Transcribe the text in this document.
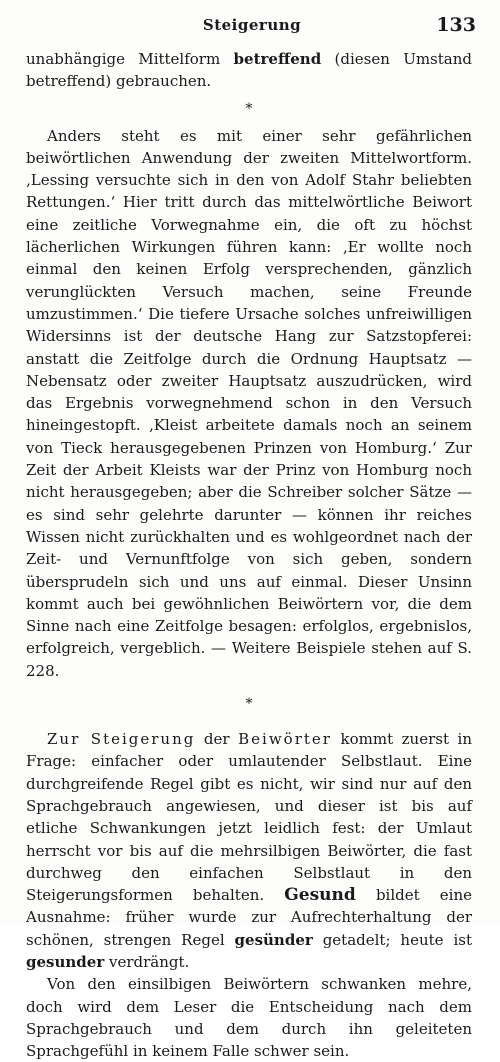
Steigerung	133

unabhängige Mittelform betreffend (diesen Umstand betreffend) gebrauchen.

*

Anders steht es mit einer sehr gefährlichen beiwörtlichen Anwendung der zweiten Mittelwortform. ‚Lessing versuchte sich in den von Adolf Stahr beliebten Rettungen.‘ Hier tritt durch das mittelwörtliche Beiwort eine zeitliche Vorwegnahme ein, die oft zu höchst lächerlichen Wirkungen führen kann: ‚Er wollte noch einmal den keinen Erfolg versprechenden, gänzlich verunglückten Versuch machen, seine Freunde umzustimmen.‘ Die tiefere Ursache solches unfreiwilligen Widersinns ist der deutsche Hang zur Satzstopferei: anstatt die Zeitfolge durch die Ordnung Hauptsatz — Nebensatz oder zweiter Hauptsatz auszudrücken, wird das Ergebnis vorwegnehmend schon in den Versuch hineingestopft. ‚Kleist arbeitete damals noch an seinem von Tieck herausgegebenen Prinzen von Homburg.‘ Zur Zeit der Arbeit Kleists war der Prinz von Homburg noch nicht herausgegeben; aber die Schreiber solcher Sätze — es sind sehr gelehrte darunter — können ihr reiches Wissen nicht zurückhalten und es wohlgeordnet nach der Zeit- und Vernunftfolge von sich geben, sondern übersprudeln sich und uns auf einmal. Dieser Unsinn kommt auch bei gewöhnlichen Beiwörtern vor, die dem Sinne nach eine Zeitfolge besagen: erfolglos, ergebnislos, erfolgreich, vergeblich. — Weitere Beispiele stehen auf S. 228.

*

Zur Steigerung der Beiwörter kommt zuerst in Frage: einfacher oder umlautender Selbstlaut. Eine durchgreifende Regel gibt es nicht, wir sind nur auf den Sprachgebrauch angewiesen, und dieser ist bis auf etliche Schwankungen jetzt leidlich fest: der Umlaut herrscht vor bis auf die mehrsilbigen Beiwörter, die fast durchweg den einfachen Selbstlaut in den Steigerungsformen behalten. Gesund bildet eine Ausnahme: früher wurde zur Aufrechterhaltung der schönen, strengen Regel gesünder getadelt; heute ist gesunder verdrängt.

Von den einsilbigen Beiwörtern schwanken mehre, doch wird dem Leser die Entscheidung nach dem Sprachgebrauch und dem durch ihn geleiteten Sprachgefühl in keinem Falle schwer sein.
